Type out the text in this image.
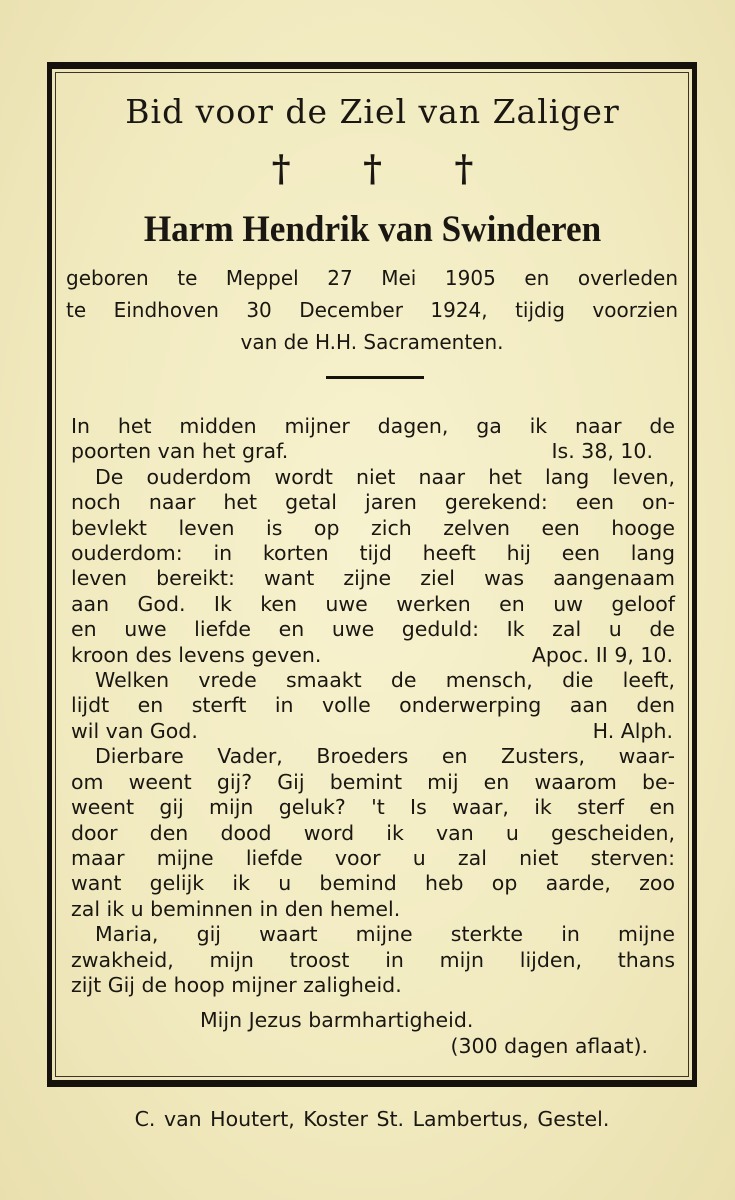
Bid voor de Ziel van Zaliger
† † †
Harm Hendrik van Swinderen
geboren te Meppel 27 Mei 1905 en overleden
te Eindhoven 30 December 1924, tijdig voorzien
van de H.H. Sacramenten.
In het midden mijner dagen, ga ik naar de
poorten van het graf.	Is. 38, 10.
De ouderdom wordt niet naar het lang leven,
noch naar het getal jaren gerekend: een on-
bevlekt leven is op zich zelven een hooge
ouderdom: in korten tijd heeft hij een lang
leven bereikt: want zijne ziel was aangenaam
aan God. Ik ken uwe werken en uw geloof
en uwe liefde en uwe geduld: Ik zal u de
kroon des levens geven.	Apoc. II 9, 10.
Welken vrede smaakt de mensch, die leeft,
lijdt en sterft in volle onderwerping aan den
wil van God.	H. Alph.
Dierbare Vader, Broeders en Zusters, waar-
om weent gij? Gij bemint mij en waarom be-
weent gij mijn geluk? 't Is waar, ik sterf en
door den dood word ik van u gescheiden,
maar mijne liefde voor u zal niet sterven:
want gelijk ik u bemind heb op aarde, zoo
zal ik u beminnen in den hemel.
Maria, gij waart mijne sterkte in mijne
zwakheid, mijn troost in mijn lijden, thans
zijt Gij de hoop mijner zaligheid.
Mijn Jezus barmhartigheid.
(300 dagen aflaat).
C. van Houtert, Koster St. Lambertus, Gestel.
